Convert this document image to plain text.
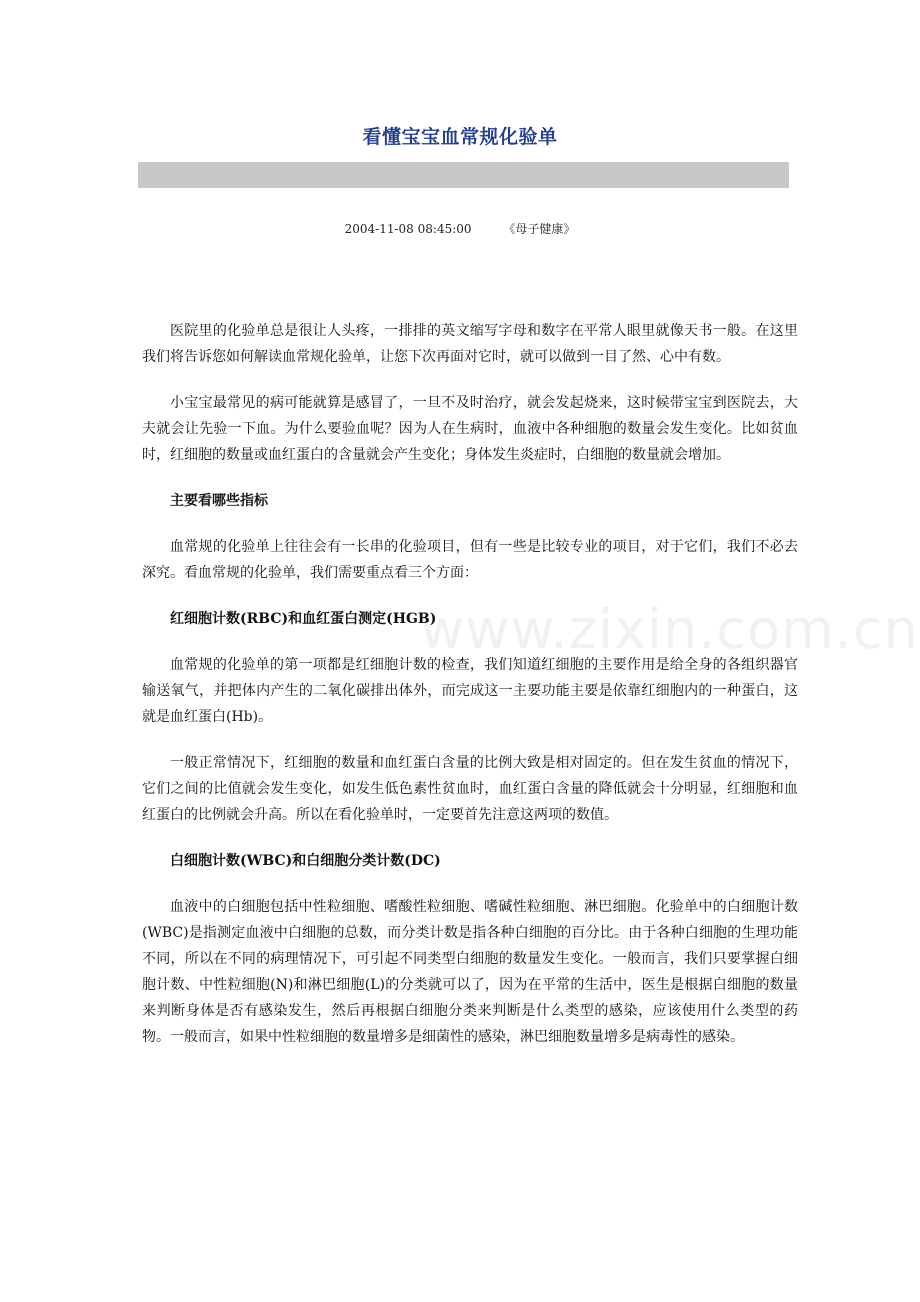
看懂宝宝血常规化验单
2004-11-08 08:45:00	《母子健康》
www.zixin.com.cn

医院里的化验单总是很让人头疼，一排排的英文缩写字母和数字在平常人眼里就像天书一般。在这里我们将告诉您如何解读血常规化验单，让您下次再面对它时，就可以做到一目了然、心中有数。

小宝宝最常见的病可能就算是感冒了，一旦不及时治疗，就会发起烧来，这时候带宝宝到医院去，大夫就会让先验一下血。为什么要验血呢？因为人在生病时，血液中各种细胞的数量会发生变化。比如贫血时，红细胞的数量或血红蛋白的含量就会产生变化；身体发生炎症时，白细胞的数量就会增加。

主要看哪些指标

血常规的化验单上往往会有一长串的化验项目，但有一些是比较专业的项目，对于它们，我们不必去深究。看血常规的化验单，我们需要重点看三个方面：

红细胞计数(RBC)和血红蛋白测定(HGB)

血常规的化验单的第一项都是红细胞计数的检查，我们知道红细胞的主要作用是给全身的各组织器官输送氧气，并把体内产生的二氧化碳排出体外，而完成这一主要功能主要是依靠红细胞内的一种蛋白，这就是血红蛋白(Hb)。

一般正常情况下，红细胞的数量和血红蛋白含量的比例大致是相对固定的。但在发生贫血的情况下，它们之间的比值就会发生变化，如发生低色素性贫血时，血红蛋白含量的降低就会十分明显，红细胞和血红蛋白的比例就会升高。所以在看化验单时，一定要首先注意这两项的数值。

白细胞计数(WBC)和白细胞分类计数(DC)

血液中的白细胞包括中性粒细胞、嗜酸性粒细胞、嗜碱性粒细胞、淋巴细胞。化验单中的白细胞计数(WBC)是指测定血液中白细胞的总数，而分类计数是指各种白细胞的百分比。由于各种白细胞的生理功能不同，所以在不同的病理情况下，可引起不同类型白细胞的数量发生变化。一般而言，我们只要掌握白细胞计数、中性粒细胞(N)和淋巴细胞(L)的分类就可以了，因为在平常的生活中，医生是根据白细胞的数量来判断身体是否有感染发生，然后再根据白细胞分类来判断是什么类型的感染，应该使用什么类型的药物。一般而言，如果中性粒细胞的数量增多是细菌性的感染，淋巴细胞数量增多是病毒性的感染。
